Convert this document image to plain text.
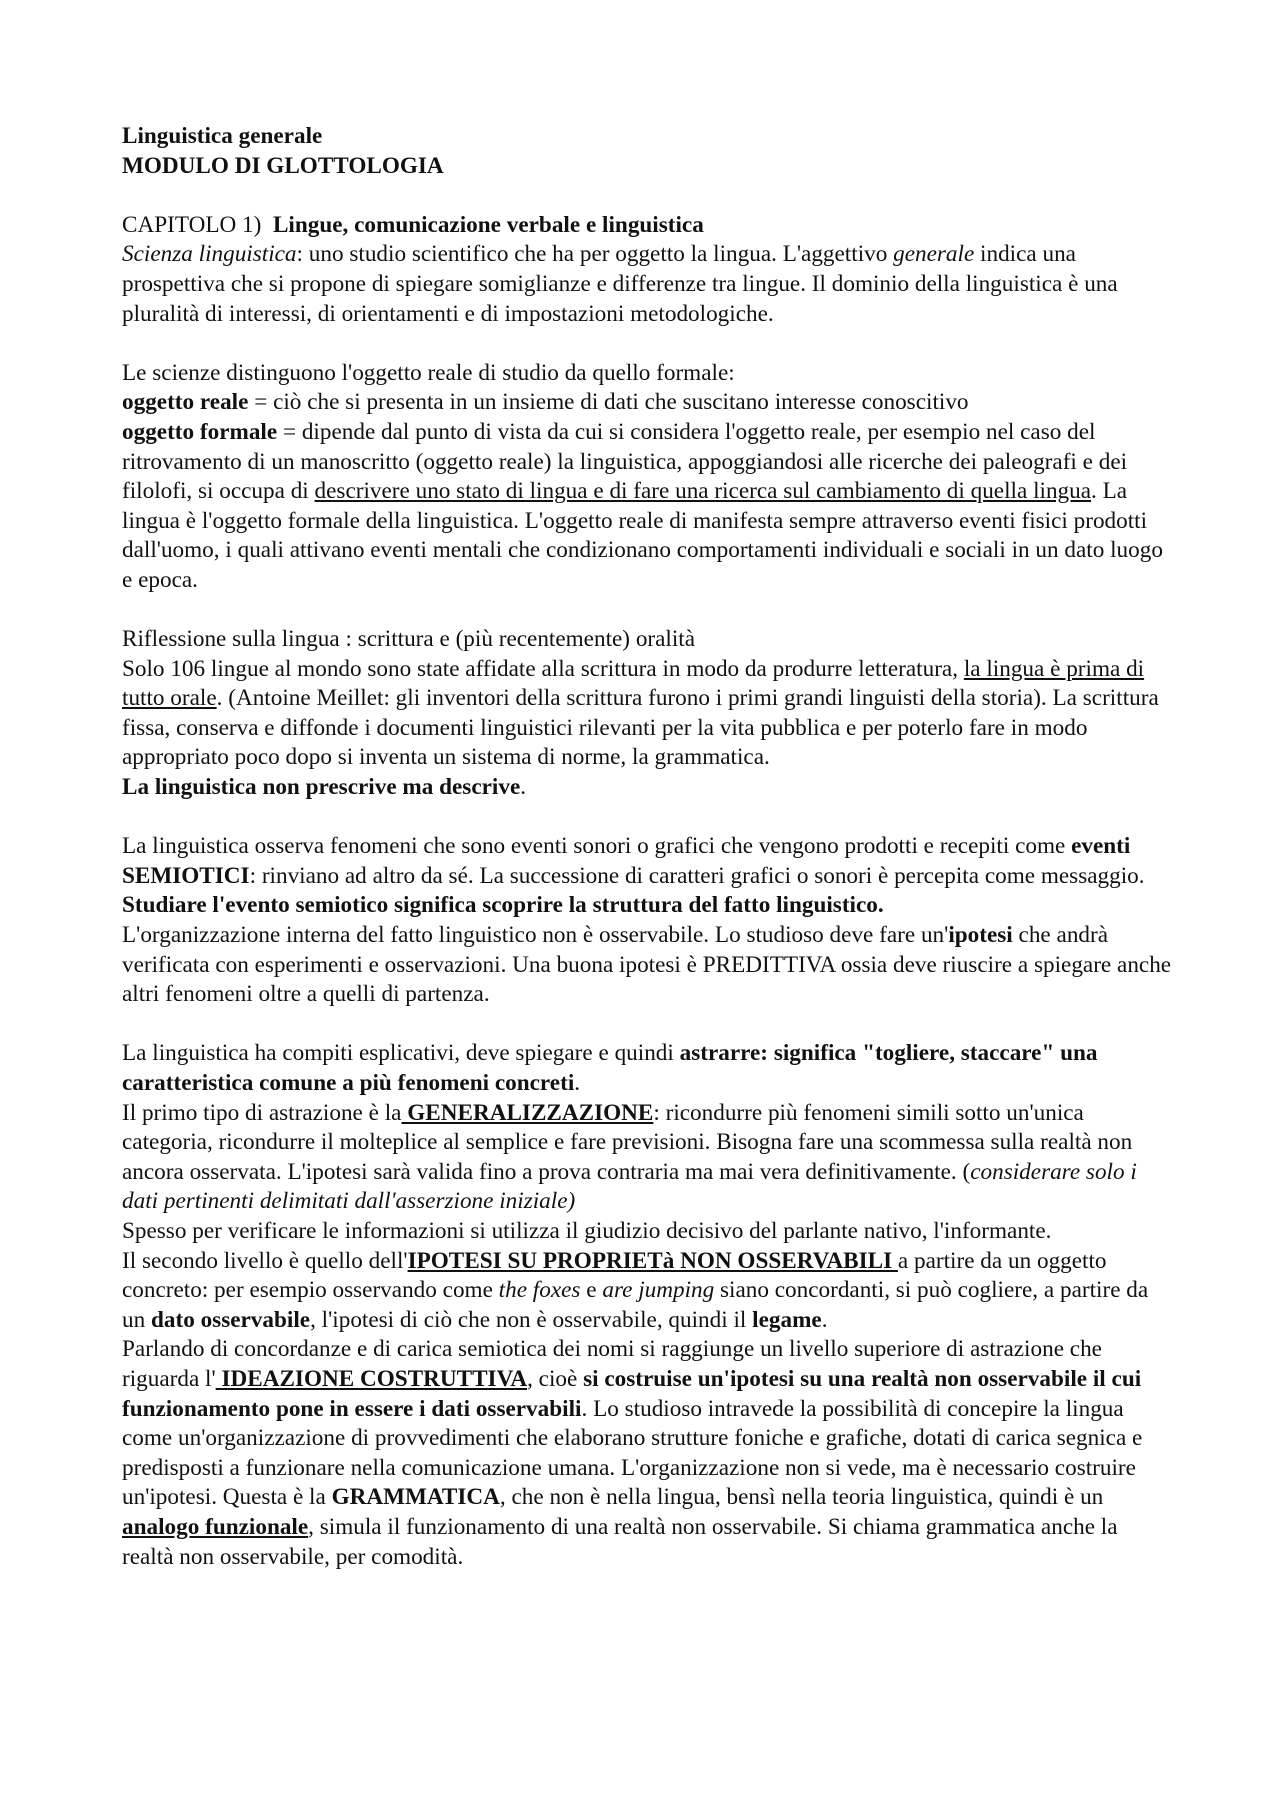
Linguistica generale

MODULO DI GLOTTOLOGIA

CAPITOLO 1)  Lingue, comunicazione verbale e linguistica

Scienza linguistica: uno studio scientifico che ha per oggetto la lingua. L'aggettivo generale indica una prospettiva che si propone di spiegare somiglianze e differenze tra lingue. Il dominio della linguistica è una pluralità di interessi, di orientamenti e di impostazioni metodologiche.

Le scienze distinguono l'oggetto reale di studio da quello formale:

oggetto reale = ciò che si presenta in un insieme di dati che suscitano interesse conoscitivo

oggetto formale = dipende dal punto di vista da cui si considera l'oggetto reale, per esempio nel caso del ritrovamento di un manoscritto (oggetto reale) la linguistica, appoggiandosi alle ricerche dei paleografi e dei filolofi, si occupa di descrivere uno stato di lingua e di fare una ricerca sul cambiamento di quella lingua. La lingua è l'oggetto formale della linguistica. L'oggetto reale di manifesta sempre attraverso eventi fisici prodotti dall'uomo, i quali attivano eventi mentali che condizionano comportamenti individuali e sociali in un dato luogo e epoca.

Riflessione sulla lingua : scrittura e (più recentemente) oralità

Solo 106 lingue al mondo sono state affidate alla scrittura in modo da produrre letteratura, la lingua è prima di tutto orale. (Antoine Meillet: gli inventori della scrittura furono i primi grandi linguisti della storia). La scrittura fissa, conserva e diffonde i documenti linguistici rilevanti per la vita pubblica e per poterlo fare in modo appropriato poco dopo si inventa un sistema di norme, la grammatica.

La linguistica non prescrive ma descrive.

La linguistica osserva fenomeni che sono eventi sonori o grafici che vengono prodotti e recepiti come eventi SEMIOTICI: rinviano ad altro da sé. La successione di caratteri grafici o sonori è percepita come messaggio.

Studiare l'evento semiotico significa scoprire la struttura del fatto linguistico.

L'organizzazione interna del fatto linguistico non è osservabile. Lo studioso deve fare un'ipotesi che andrà verificata con esperimenti e osservazioni. Una buona ipotesi è PREDITTIVA ossia deve riuscire a spiegare anche altri fenomeni oltre a quelli di partenza.

La linguistica ha compiti esplicativi, deve spiegare e quindi astrarre: significa "togliere, staccare" una caratteristica comune a più fenomeni concreti.

Il primo tipo di astrazione è la GENERALIZZAZIONE: ricondurre più fenomeni simili sotto un'unica categoria, ricondurre il molteplice al semplice e fare previsioni. Bisogna fare una scommessa sulla realtà non ancora osservata. L'ipotesi sarà valida fino a prova contraria ma mai vera definitivamente. (considerare solo i dati pertinenti delimitati dall'asserzione iniziale)

Spesso per verificare le informazioni si utilizza il giudizio decisivo del parlante nativo, l'informante.

Il secondo livello è quello dell'IPOTESI SU PROPRIETà NON OSSERVABILI a partire da un oggetto concreto: per esempio osservando come the foxes e are jumping siano concordanti, si può cogliere, a partire da un dato osservabile, l'ipotesi di ciò che non è osservabile, quindi il legame.

Parlando di concordanze e di carica semiotica dei nomi si raggiunge un livello superiore di astrazione che riguarda l' IDEAZIONE COSTRUTTIVA, cioè si costruise un'ipotesi su una realtà non osservabile il cui funzionamento pone in essere i dati osservabili. Lo studioso intravede la possibilità di concepire la lingua come un'organizzazione di provvedimenti che elaborano strutture foniche e grafiche, dotati di carica segnica e predisposti a funzionare nella comunicazione umana. L'organizzazione non si vede, ma è necessario costruire un'ipotesi. Questa è la GRAMMATICA, che non è nella lingua, bensì nella teoria linguistica, quindi è un analogo funzionale, simula il funzionamento di una realtà non osservabile. Si chiama grammatica anche la realtà non osservabile, per comodità.
